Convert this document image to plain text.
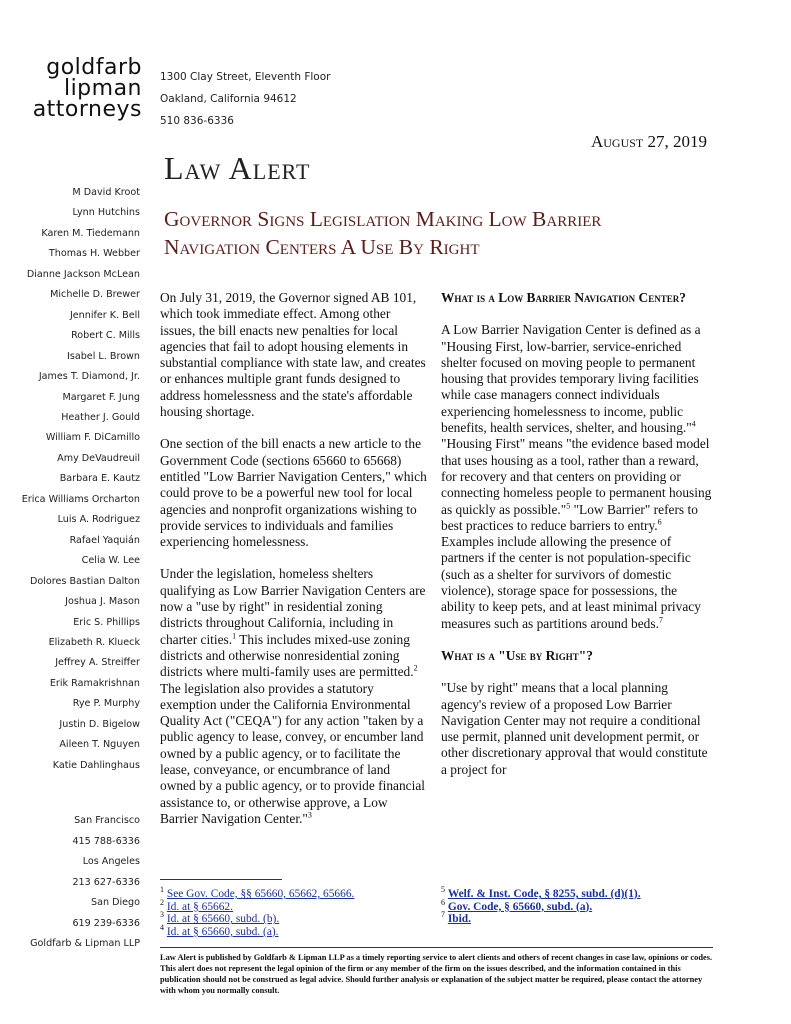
goldfarb
lipman
attorneys
1300 Clay Street, Eleventh Floor
Oakland, California 94612
510 836-6336
August 27, 2019
Law Alert
Governor Signs Legislation Making Low Barrier
Navigation Centers A Use By Right
M David Kroot
Lynn Hutchins
Karen M. Tiedemann
Thomas H. Webber
Dianne Jackson McLean
Michelle D. Brewer
Jennifer K. Bell
Robert C. Mills
Isabel L. Brown
James T. Diamond, Jr.
Margaret F. Jung
Heather J. Gould
William F. DiCamillo
Amy DeVaudreuil
Barbara E. Kautz
Erica Williams Orcharton
Luis A. Rodriguez
Rafael Yaquián
Celia W. Lee
Dolores Bastian Dalton
Joshua J. Mason
Eric S. Phillips
Elizabeth R. Klueck
Jeffrey A. Streiffer
Erik Ramakrishnan
Rye P. Murphy
Justin D. Bigelow
Aileen T. Nguyen
Katie Dahlinghaus
San Francisco
415 788-6336
Los Angeles
213 627-6336
San Diego
619 239-6336
Goldfarb & Lipman LLP

On July 31, 2019, the Governor signed AB 101, which took immediate effect. Among other issues, the bill enacts new penalties for local agencies that fail to adopt housing elements in substantial compliance with state law, and creates or enhances multiple grant funds designed to address homelessness and the state's affordable housing shortage.

One section of the bill enacts a new article to the Government Code (sections 65660 to 65668) entitled "Low Barrier Navigation Centers," which could prove to be a powerful new tool for local agencies and nonprofit organizations wishing to provide services to individuals and families experiencing homelessness.

Under the legislation, homeless shelters qualifying as Low Barrier Navigation Centers are now a "use by right" in residential zoning districts throughout California, including in charter cities.$^1$ This includes mixed-use zoning districts and otherwise nonresidential zoning districts where multi-family uses are permitted.$^2$ The legislation also provides a statutory exemption under the California Environmental Quality Act ("CEQA") for any action "taken by a public agency to lease, convey, or encumber land owned by a public agency, or to facilitate the lease, conveyance, or encumbrance of land owned by a public agency, or to provide financial assistance to, or otherwise approve, a Low Barrier Navigation Center."$^3$

What is a Low Barrier Navigation Center?

A Low Barrier Navigation Center is defined as a "Housing First, low-barrier, service-enriched shelter focused on moving people to permanent housing that provides temporary living facilities while case managers connect individuals experiencing homelessness to income, public benefits, health services, shelter, and housing."$^4$ "Housing First" means "the evidence based model that uses housing as a tool, rather than a reward, for recovery and that centers on providing or connecting homeless people to permanent housing as quickly as possible."$^5$ "Low Barrier" refers to best practices to reduce barriers to entry.$^6$ Examples include allowing the presence of partners if the center is not population-specific (such as a shelter for survivors of domestic violence), storage space for possessions, the ability to keep pets, and at least minimal privacy measures such as partitions around beds.$^7$

What is a "Use by Right"?

"Use by right" means that a local planning agency's review of a proposed Low Barrier Navigation Center may not require a conditional use permit, planned unit development permit, or other discretionary approval that would constitute a project for

$^1$ See Gov. Code, §§ 65660, 65662, 65666.
$^2$ Id. at § 65662.
$^3$ Id. at § 65660, subd. (b).
$^4$ Id. at § 65660, subd. (a).
$^5$ Welf. & Inst. Code, § 8255, subd. (d)(1).
$^6$ Gov. Code, § 65660, subd. (a).
$^7$ Ibid.
Law Alert is published by Goldfarb & Lipman LLP as a timely reporting service to alert clients and others of recent changes in case law, opinions or codes. This alert does not represent the legal opinion of the firm or any member of the firm on the issues described, and the information contained in this publication should not be construed as legal advice. Should further analysis or explanation of the subject matter be required, please contact the attorney with whom you normally consult.
